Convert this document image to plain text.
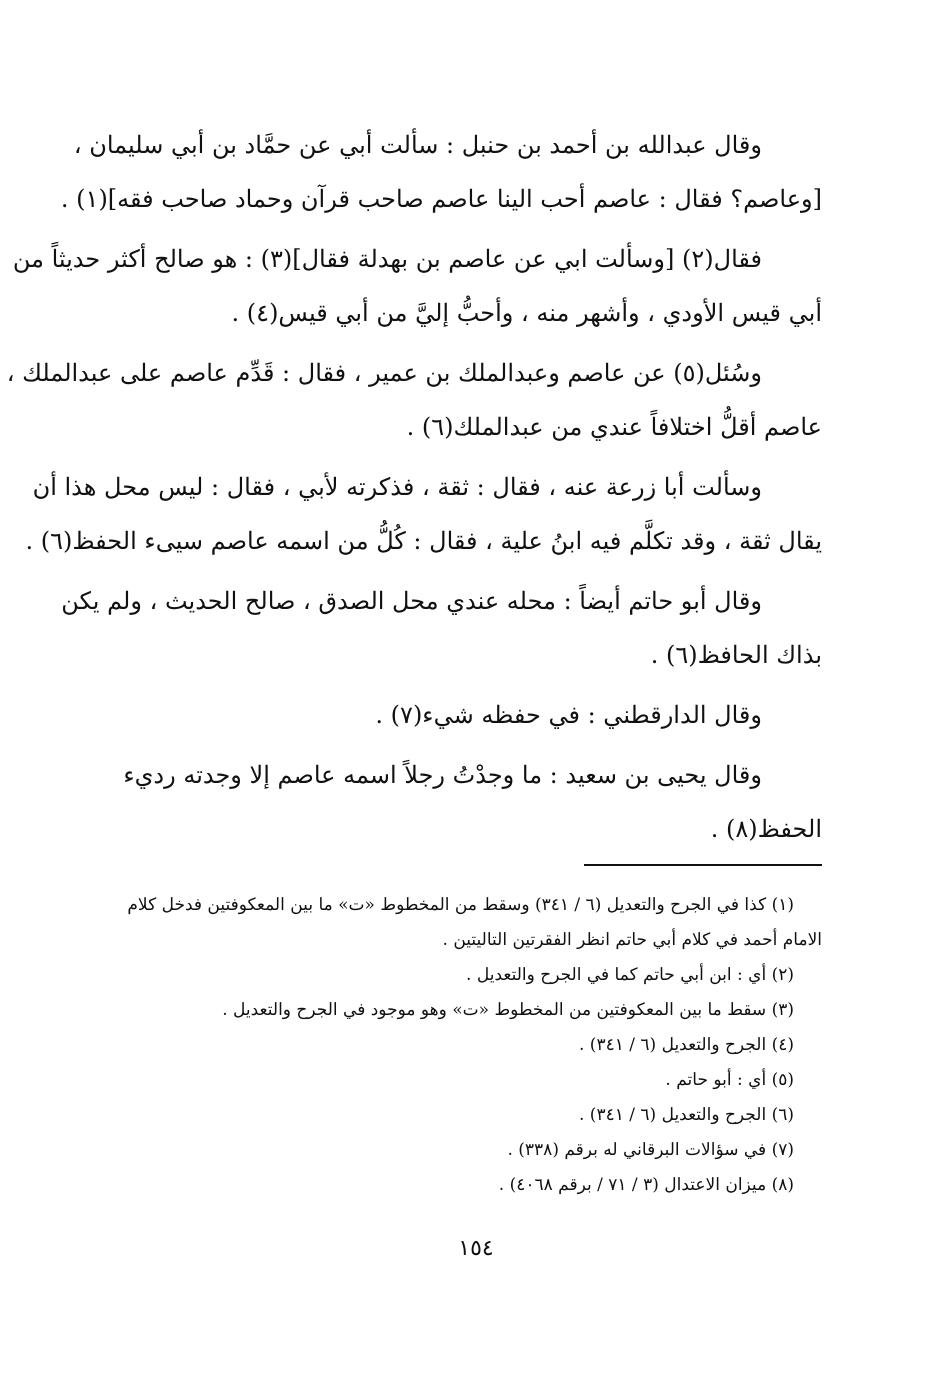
وقال عبدالله بن أحمد بن حنبل : سألت أبي عن حمَّاد بن أبي سليمان ،
[وعاصم؟ فقال : عاصم أحب الينا عاصم صاحب قرآن وحماد صاحب فقه](١) .

فقال(٢) [وسألت ابي عن عاصم بن بهدلة فقال](٣) : هو صالح أكثر حديثاً من
أبي قيس الأودي ، وأشهر منه ، وأحبُّ إليَّ من أبي قيس(٤) .

وسُئل(٥) عن عاصم وعبدالملك بن عمير ، فقال : قَدِّم عاصم على عبدالملك ،
عاصم أقلُّ اختلافاً عندي من عبدالملك(٦) .

وسألت أبا زرعة عنه ، فقال : ثقة ، فذكرته لأبي ، فقال : ليس محل هذا أن
يقال ثقة ، وقد تكلَّم فيه ابنُ علية ، فقال : كُلُّ من اسمه عاصم سيىء الحفظ(٦) .

وقال أبو حاتم أيضاً : محله عندي محل الصدق ، صالح الحديث ، ولم يكن
بذاك الحافظ(٦) .

وقال الدارقطني : في حفظه شيء(٧) .

وقال يحيى بن سعيد : ما وجدْتُ رجلاً اسمه عاصم إلا وجدته رديء
الحفظ(٨) .

(١) كذا في الجرح والتعديل (٦ / ٣٤١) وسقط من المخطوط «ت» ما بين المعكوفتين فدخل كلام
الامام أحمد في كلام أبي حاتم انظر الفقرتين التاليتين .
(٢) أي : ابن أبي حاتم كما في الجرح والتعديل .
(٣) سقط ما بين المعكوفتين من المخطوط «ت» وهو موجود في الجرح والتعديل .
(٤) الجرح والتعديل (٦ / ٣٤١) .
(٥) أي : أبو حاتم .
(٦) الجرح والتعديل (٦ / ٣٤١) .
(٧) في سؤالات البرقاني له برقم (٣٣٨) .
(٨) ميزان الاعتدال (٣ / ٧١ / برقم ٤٠٦٨) .
١٥٤
